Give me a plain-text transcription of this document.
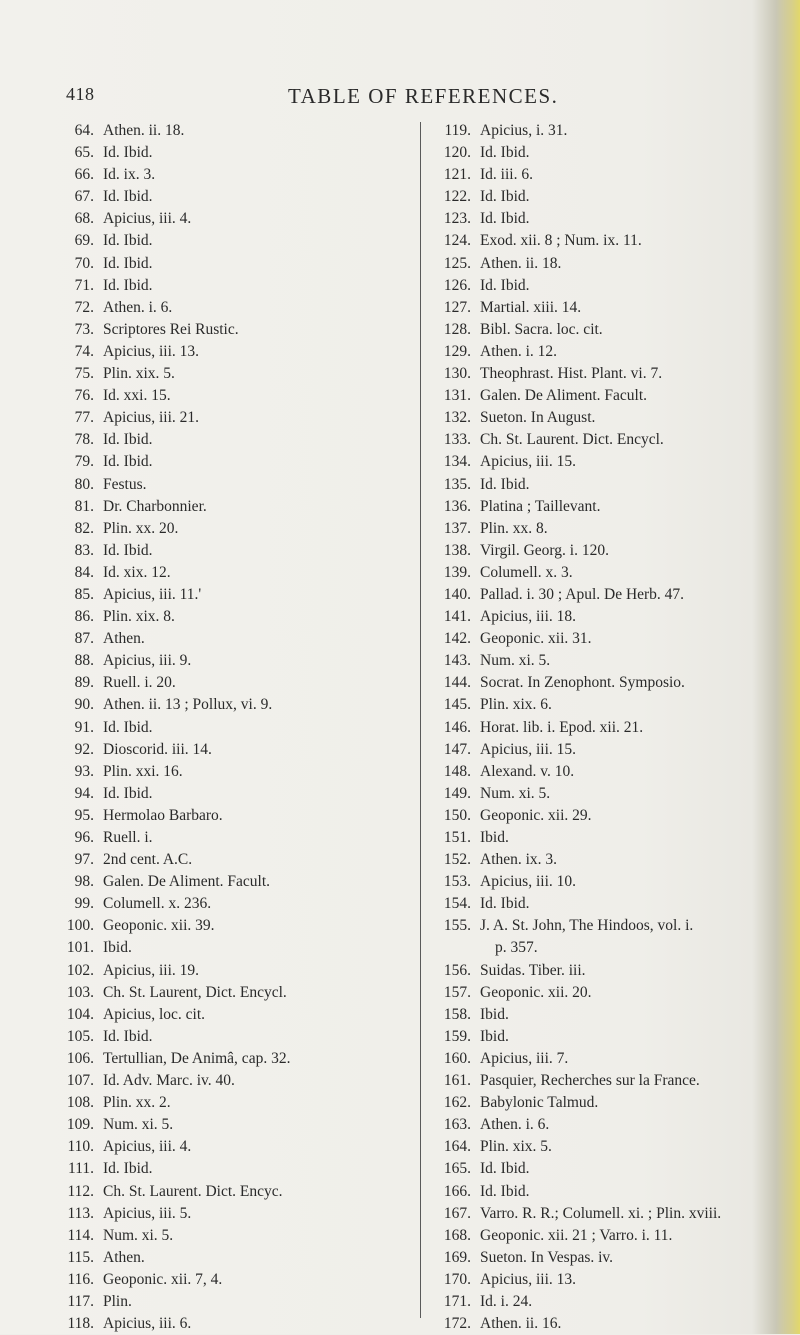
418	TABLE OF REFERENCES.
64. Athen. ii. 18.
65. Id. Ibid.
66. Id. ix. 3.
67. Id. Ibid.
68. Apicius, iii. 4.
69. Id. Ibid.
70. Id. Ibid.
71. Id. Ibid.
72. Athen. i. 6.
73. Scriptores Rei Rustic.
74. Apicius, iii. 13.
75. Plin. xix. 5.
76. Id. xxi. 15.
77. Apicius, iii. 21.
78. Id. Ibid.
79. Id. Ibid.
80. Festus.
81. Dr. Charbonnier.
82. Plin. xx. 20.
83. Id. Ibid.
84. Id. xix. 12.
85. Apicius, iii. 11.'
86. Plin. xix. 8.
87. Athen.
88. Apicius, iii. 9.
89. Ruell. i. 20.
90. Athen. ii. 13 ; Pollux, vi. 9.
91. Id. Ibid.
92. Dioscorid. iii. 14.
93. Plin. xxi. 16.
94. Id. Ibid.
95. Hermolao Barbaro.
96. Ruell. i.
97. 2nd cent. A.C.
98. Galen. De Aliment. Facult.
99. Columell. x. 236.
100. Geoponic. xii. 39.
101. Ibid.
102. Apicius, iii. 19.
103. Ch. St. Laurent, Dict. Encycl.
104. Apicius, loc. cit.
105. Id. Ibid.
106. Tertullian, De Animâ, cap. 32.
107. Id. Adv. Marc. iv. 40.
108. Plin. xx. 2.
109. Num. xi. 5.
110. Apicius, iii. 4.
111. Id. Ibid.
112. Ch. St. Laurent. Dict. Encyc.
113. Apicius, iii. 5.
114. Num. xi. 5.
115. Athen.
116. Geoponic. xii. 7, 4.
117. Plin.
118. Apicius, iii. 6.
119. Apicius, i. 31.
120. Id. Ibid.
121. Id. iii. 6.
122. Id. Ibid.
123. Id. Ibid.
124. Exod. xii. 8 ; Num. ix. 11.
125. Athen. ii. 18.
126. Id. Ibid.
127. Martial. xiii. 14.
128. Bibl. Sacra. loc. cit.
129. Athen. i. 12.
130. Theophrast. Hist. Plant. vi. 7.
131. Galen. De Aliment. Facult.
132. Sueton. In August.
133. Ch. St. Laurent. Dict. Encycl.
134. Apicius, iii. 15.
135. Id. Ibid.
136. Platina ; Taillevant.
137. Plin. xx. 8.
138. Virgil. Georg. i. 120.
139. Columell. x. 3.
140. Pallad. i. 30 ; Apul. De Herb. 47.
141. Apicius, iii. 18.
142. Geoponic. xii. 31.
143. Num. xi. 5.
144. Socrat. In Zenophont. Symposio.
145. Plin. xix. 6.
146. Horat. lib. i. Epod. xii. 21.
147. Apicius, iii. 15.
148. Alexand. v. 10.
149. Num. xi. 5.
150. Geoponic. xii. 29.
151. Ibid.
152. Athen. ix. 3.
153. Apicius, iii. 10.
154. Id. Ibid.
155. J. A. St. John, The Hindoos, vol. i.
p. 357.
156. Suidas. Tiber. iii.
157. Geoponic. xii. 20.
158. Ibid.
159. Ibid.
160. Apicius, iii. 7.
161. Pasquier, Recherches sur la France.
162. Babylonic Talmud.
163. Athen. i. 6.
164. Plin. xix. 5.
165. Id. Ibid.
166. Id. Ibid.
167. Varro. R. R.; Columell. xi. ; Plin. xviii.
168. Geoponic. xii. 21 ; Varro. i. 11.
169. Sueton. In Vespas. iv.
170. Apicius, iii. 13.
171. Id. i. 24.
172. Athen. ii. 16.
